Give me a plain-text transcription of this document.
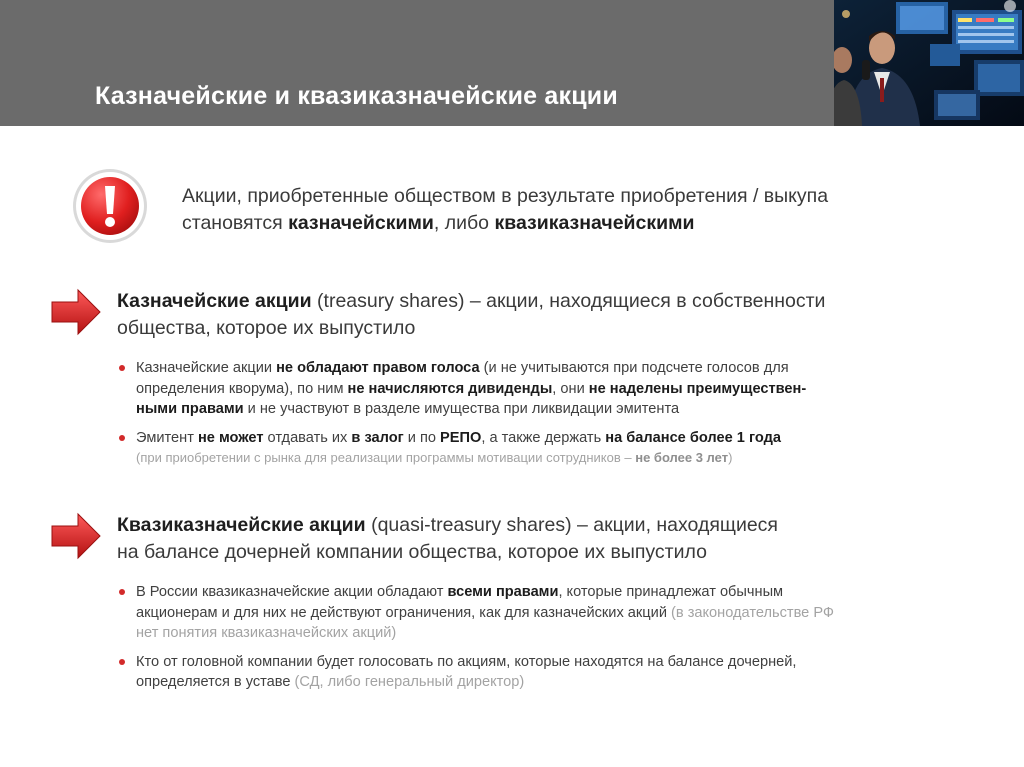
Казначейские и квазиказначейские акции
Акции, приобретенные обществом в результате приобретения / выкупа
становятся казначейскими, либо квазиказначейскими
Казначейские акции (treasury shares) – акции, находящиеся в собственности
общества, которое их выпустило
Казначейские акции не обладают правом голоса (и не учитываются при подсчете голосов для
определения кворума), по ним не начисляются дивиденды, они не наделены преимуществен-
ными правами и не участвуют в разделе имущества при ликвидации эмитента
Эмитент не может отдавать их в залог и по РЕПО, а также держать на балансе более 1 года
(при приобретении с рынка для реализации программы мотивации сотрудников – не более 3 лет)
Квазиказначейские акции (quasi-treasury shares) – акции, находящиеся
на балансе дочерней компании общества, которое их выпустило
В России квазиказначейские акции обладают всеми правами, которые принадлежат обычным
акционерам и для них не действуют ограничения, как для казначейских акций (в законодательстве РФ
нет понятия квазиказначейских акций)
Кто от головной компании будет голосовать по акциям, которые находятся на балансе дочерней,
определяется в уставе (СД, либо генеральный директор)
